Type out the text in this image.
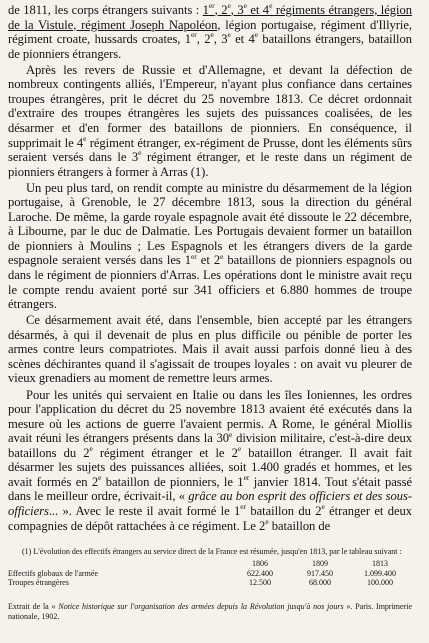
de 1811, les corps étrangers suivants : 1er, 2e, 3e et 4e régiments étrangers, légion de la Vistule, régiment Joseph Napoléon, légion portugaise, régiment d'Illyrie, régiment croate, hussards croates, 1er, 2e, 3e et 4e bataillons étrangers, bataillon de pionniers étrangers.

Après les revers de Russie et d'Allemagne, et devant la défection de nombreux contingents alliés, l'Empereur, n'ayant plus confiance dans certaines troupes étrangères, prit le décret du 25 novembre 1813. Ce décret ordonnait d'extraire des troupes étrangères les sujets des puissances coalisées, de les désarmer et d'en former des bataillons de pionniers. En conséquence, il supprimait le 4e régiment étranger, ex-régiment de Prusse, dont les éléments sûrs seraient versés dans le 3e régiment étranger, et le reste dans un régiment de pionniers étrangers à former à Arras (1).

Un peu plus tard, on rendit compte au ministre du désarmement de la légion portugaise, à Grenoble, le 27 décembre 1813, sous la direction du général Laroche. De même, la garde royale espagnole avait été dissoute le 22 décembre, à Libourne, par le duc de Dalmatie. Les Portugais devaient former un bataillon de pionniers à Moulins ; Les Espagnols et les étrangers divers de la garde espagnole seraient versés dans les 1er et 2e bataillons de pionniers espagnols ou dans le régiment de pionniers d'Arras. Les opérations dont le ministre avait reçu le compte rendu avaient porté sur 341 officiers et 6.880 hommes de troupe étrangers.

Ce désarmement avait été, dans l'ensemble, bien accepté par les étrangers désarmés, à qui il devenait de plus en plus difficile ou pénible de porter les armes contre leurs compatriotes. Mais il avait aussi parfois donné lieu à des scènes déchirantes quand il s'agissait de troupes loyales : on avait vu pleurer de vieux grenadiers au moment de remettre leurs armes.

Pour les unités qui servaient en Italie ou dans les îles Ioniennes, les ordres pour l'application du décret du 25 novembre 1813 avaient été exécutés dans la mesure où les actions de guerre l'avaient permis. A Rome, le général Miollis avait réuni les étrangers présents dans la 30e division militaire, c'est-à-dire deux bataillons du 2e régiment étranger et le 2e bataillon étranger. Il avait fait désarmer les sujets des puissances alliées, soit 1.400 gradés et hommes, et les avait formés en 2e bataillon de pionniers, le 1er janvier 1814. Tout s'était passé dans le meilleur ordre, écrivait-il, « grâce au bon esprit des officiers et des sous-officiers... ». Avec le reste il avait formé le 1er bataillon du 2e étranger et deux compagnies de dépôt rattachées à ce régiment. Le 2e bataillon de

(1) L'évolution des effectifs étrangers au service direct de la France est résumée, jusqu'en 1813, par le tableau suivant :

	1806	1809	1813
Effectifs globaux de l'armée	622.400	917.450	1.099.400
Troupes étrangères	12.500	68.000	100.000

Extrait de la « Notice historique sur l'organisation des armées depuis la Révolution jusqu'à nos jours ». Paris. Imprimerie nationale, 1902.
